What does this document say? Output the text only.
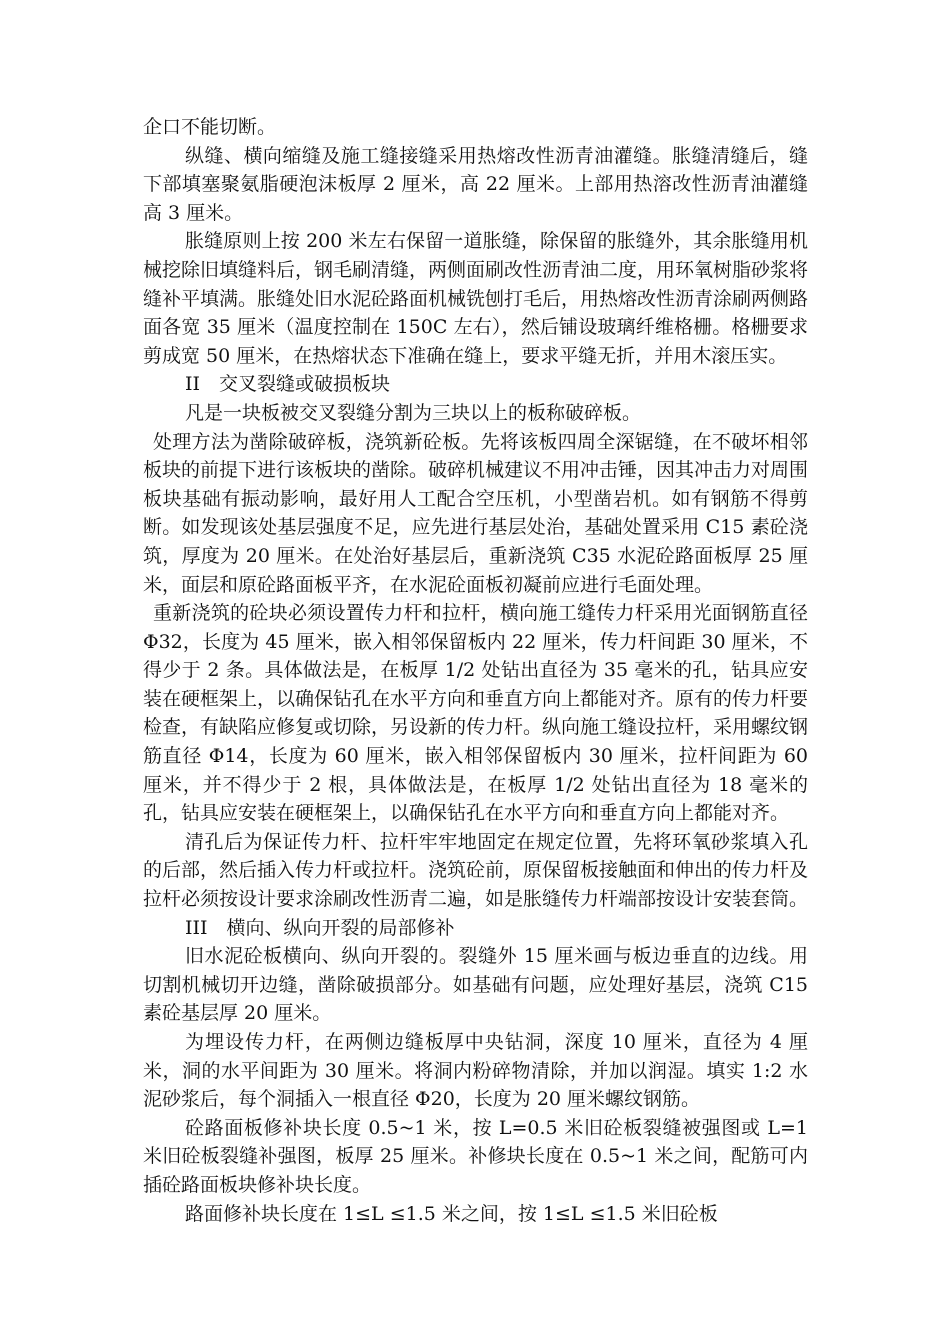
企口不能切断。

纵缝、横向缩缝及施工缝接缝采用热熔改性沥青油灌缝。胀缝清缝后，缝下部填塞聚氨脂硬泡沫板厚 2 厘米，高 22 厘米。上部用热溶改性沥青油灌缝高 3 厘米。

胀缝原则上按 200 米左右保留一道胀缝，除保留的胀缝外，其余胀缝用机械挖除旧填缝料后，钢毛刷清缝，两侧面刷改性沥青油二度，用环氧树脂砂浆将缝补平填满。胀缝处旧水泥砼路面机械铣刨打毛后，用热熔改性沥青涂刷两侧路面各宽 35 厘米（温度控制在 150C 左右），然后铺设玻璃纤维格栅。格栅要求剪成宽 50 厘米，在热熔状态下准确在缝上，要求平缝无折，并用木滚压实。

II　交叉裂缝或破损板块

凡是一块板被交叉裂缝分割为三块以上的板称破碎板。

处理方法为凿除破碎板，浇筑新砼板。先将该板四周全深锯缝，在不破坏相邻板块的前提下进行该板块的凿除。破碎机械建议不用冲击锤，因其冲击力对周围板块基础有振动影响，最好用人工配合空压机，小型凿岩机。如有钢筋不得剪断。如发现该处基层强度不足，应先进行基层处治，基础处置采用 C15 素砼浇筑，厚度为 20 厘米。在处治好基层后，重新浇筑 C35 水泥砼路面板厚 25 厘米，面层和原砼路面板平齐，在水泥砼面板初凝前应进行毛面处理。

重新浇筑的砼块必须设置传力杆和拉杆，横向施工缝传力杆采用光面钢筋直径 Φ32，长度为 45 厘米，嵌入相邻保留板内 22 厘米，传力杆间距 30 厘米，不得少于 2 条。具体做法是，在板厚 1/2 处钻出直径为 35 毫米的孔，钻具应安装在硬框架上，以确保钻孔在水平方向和垂直方向上都能对齐。原有的传力杆要检查，有缺陷应修复或切除，另设新的传力杆。纵向施工缝设拉杆，采用螺纹钢筋直径 Φ14，长度为 60 厘米，嵌入相邻保留板内 30 厘米，拉杆间距为 60 厘米，并不得少于 2 根，具体做法是，在板厚 1/2 处钻出直径为 18 毫米的孔，钻具应安装在硬框架上，以确保钻孔在水平方向和垂直方向上都能对齐。

清孔后为保证传力杆、拉杆牢牢地固定在规定位置，先将环氧砂浆填入孔的后部，然后插入传力杆或拉杆。浇筑砼前，原保留板接触面和伸出的传力杆及拉杆必须按设计要求涂刷改性沥青二遍，如是胀缝传力杆端部按设计安装套筒。

III　横向、纵向开裂的局部修补

旧水泥砼板横向、纵向开裂的。裂缝外 15 厘米画与板边垂直的边线。用切割机械切开边缝，凿除破损部分。如基础有问题，应处理好基层，浇筑 C15 素砼基层厚 20 厘米。

为埋设传力杆，在两侧边缝板厚中央钻洞，深度 10 厘米，直径为 4 厘米，洞的水平间距为 30 厘米。将洞内粉碎物清除，并加以润湿。填实 1:2 水泥砂浆后，每个洞插入一根直径 Φ20，长度为 20 厘米螺纹钢筋。

砼路面板修补块长度 0.5~1 米，按 L=0.5 米旧砼板裂缝被强图或 L=1 米旧砼板裂缝补强图，板厚 25 厘米。补修块长度在 0.5~1 米之间，配筋可内插砼路面板块修补块长度。

路面修补块长度在 1≤L ≤1.5 米之间，按 1≤L ≤1.5 米旧砼板
